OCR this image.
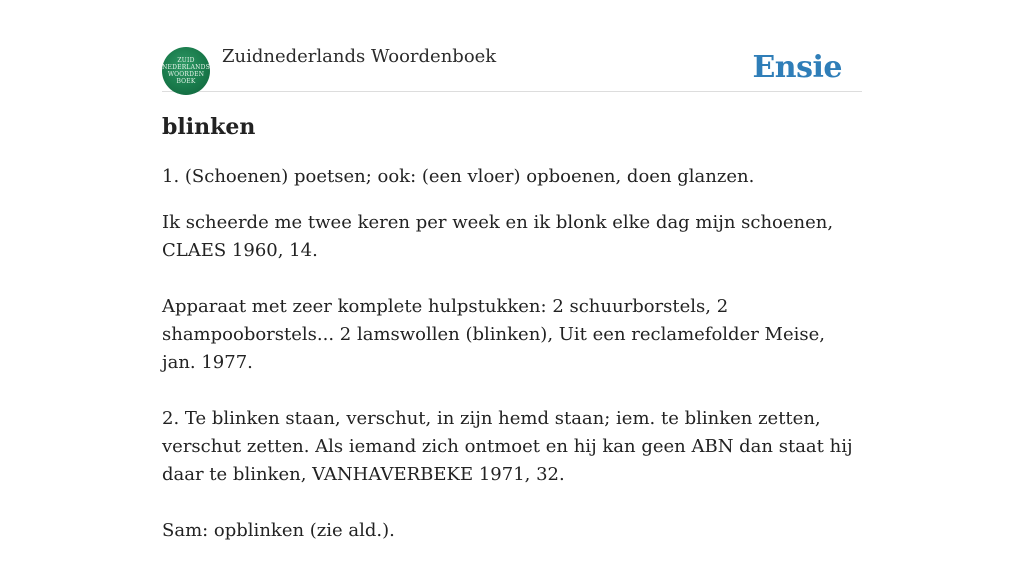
ZUID
NEDERLANDS
WOORDEN
BOEK
Zuidnederlands Woordenboek	Ensie
blinken

1. (Schoenen) poetsen; ook: (een vloer) opboenen, doen glanzen.

Ik scheerde me twee keren per week en ik blonk elke dag mijn schoenen, CLAES 1960, 14.

Apparaat met zeer komplete hulpstukken: 2 schuurborstels, 2 shampooborstels... 2 lamswollen (blinken), Uit een reclamefolder Meise, jan. 1977.

2. Te blinken staan, verschut, in zijn hemd staan; iem. te blinken zetten, verschut zetten. Als iemand zich ontmoet en hij kan geen ABN dan staat hij daar te blinken, VANHAVERBEKE 1971, 32.

Sam: opblinken (zie ald.).
